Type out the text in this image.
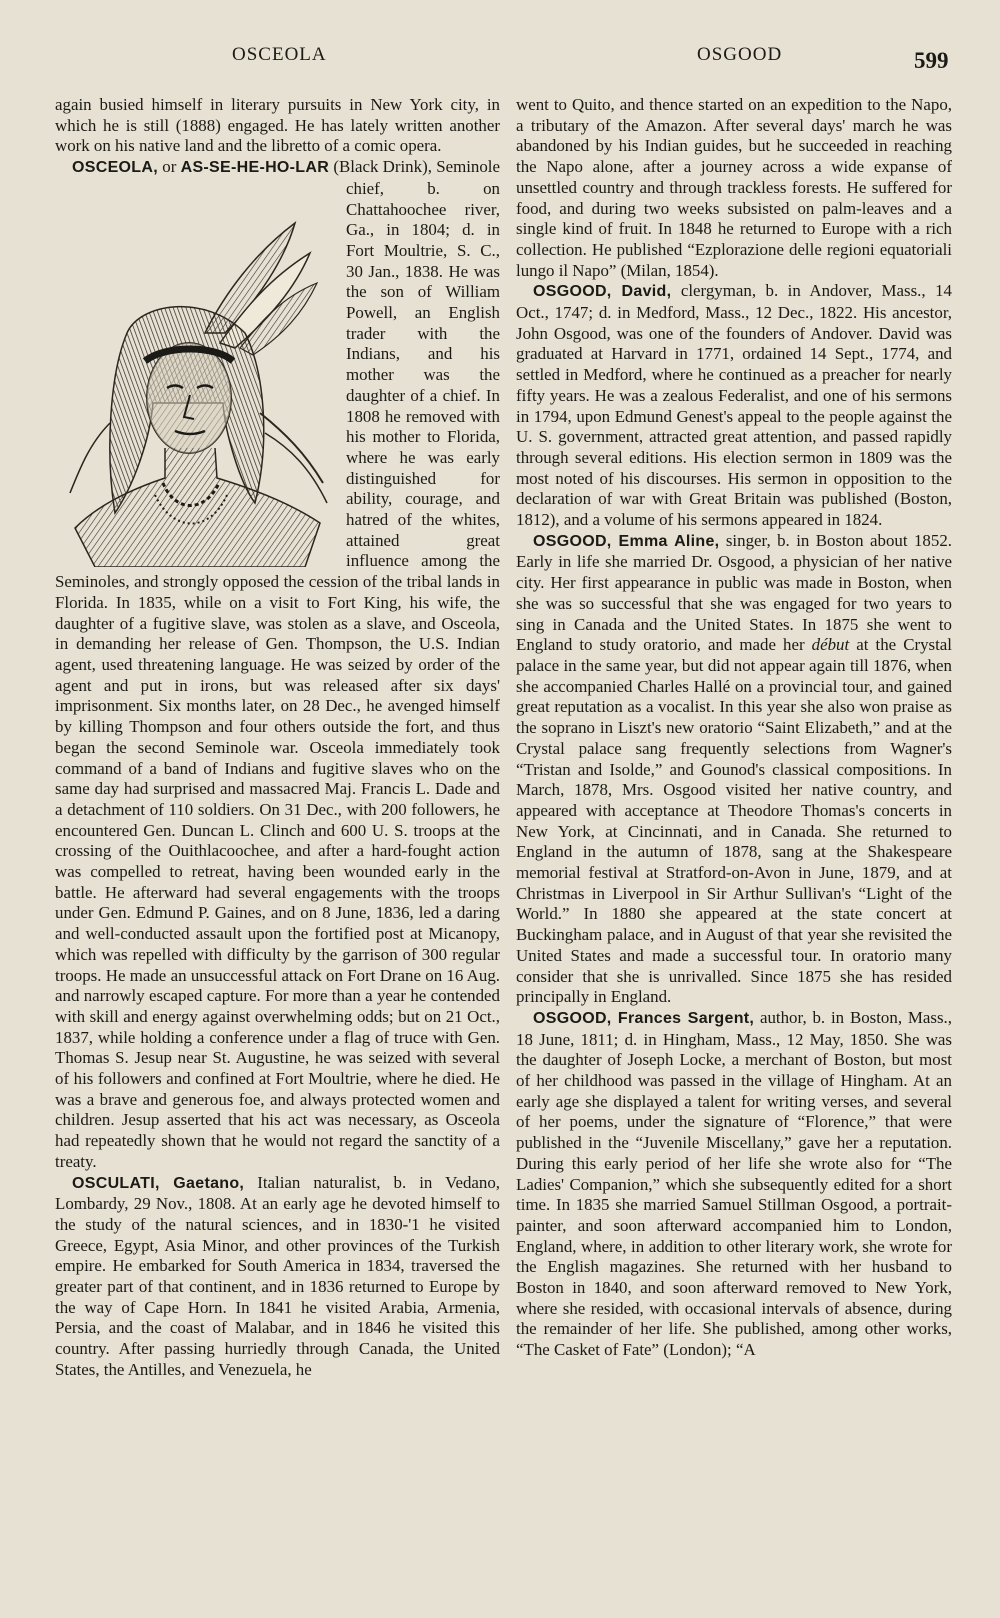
OSCEOLA	OSGOOD	599

again busied himself in literary pursuits in New York city, in which he is still (1888) engaged. He has lately written another work on his native land and the libretto of a comic opera.

OSCEOLA, or AS-SE-HE-HO-LAR
(Black Drink), Seminole chief, b. on Chattahoochee river, Ga., in 1804; d. in Fort Moultrie, S. C., 30 Jan., 1838. He was the son of William Powell, an English trader with the Indians, and his mother was the daughter of a chief. In 1808 he removed with his mother to Florida, where he was early distinguished for ability, courage, and hatred of the whites, attained great influence among the Seminoles, and strongly opposed the cession of the tribal lands in Florida. In 1835, while on a visit to Fort King, his wife, the daughter of a fugitive slave, was stolen as a slave, and Osceola, in demanding her release of Gen. Thompson, the U.S. Indian agent, used threatening language. He was seized by order of the agent and put in irons, but was released after six days' imprisonment. Six months later, on 28 Dec., he avenged himself by killing Thompson and four others outside the fort, and thus began the second Seminole war. Osceola immediately took command of a band of Indians and fugitive slaves who on the same day had surprised and massacred Maj. Francis L. Dade and a detachment of 110 soldiers. On 31 Dec., with 200 followers, he encountered Gen. Duncan L. Clinch and 600 U. S. troops at the crossing of the Ouithlacoochee, and after a hard-fought action was compelled to retreat, having been wounded early in the battle. He afterward had several engagements with the troops under Gen. Edmund P. Gaines, and on 8 June, 1836, led a daring and well-conducted assault upon the fortified post at Micanopy, which was repelled with difficulty by the garrison of 300 regular troops. He made an unsuccessful attack on Fort Drane on 16 Aug. and narrowly escaped capture. For more than a year he contended with skill and energy against overwhelming odds; but on 21 Oct., 1837, while holding a conference under a flag of truce with Gen. Thomas S. Jesup near St. Augustine, he was seized with several of his followers and confined at Fort Moultrie, where he died. He was a brave and generous foe, and always protected women and children. Jesup asserted that his act was necessary, as Osceola had repeatedly shown that he would not regard the sanctity of a treaty.

OSCULATI, Gaetano, Italian naturalist, b. in Vedano, Lombardy, 29 Nov., 1808. At an early age he devoted himself to the study of the natural sciences, and in 1830-'1 he visited Greece, Egypt, Asia Minor, and other provinces of the Turkish empire. He embarked for South America in 1834, traversed the greater part of that continent, and in 1836 returned to Europe by the way of Cape Horn. In 1841 he visited Arabia, Armenia, Persia, and the coast of Malabar, and in 1846 he visited this country. After passing hurriedly through Canada, the United States, the Antilles, and Venezuela, he

went to Quito, and thence started on an expedition to the Napo, a tributary of the Amazon. After several days' march he was abandoned by his Indian guides, but he succeeded in reaching the Napo alone, after a journey across a wide expanse of unsettled country and through trackless forests. He suffered for food, and during two weeks subsisted on palm-leaves and a single kind of fruit. In 1848 he returned to Europe with a rich collection. He published “Ezplorazione delle regioni equatoriali lungo il Napo” (Milan, 1854).

OSGOOD, David, clergyman, b. in Andover, Mass., 14 Oct., 1747; d. in Medford, Mass., 12 Dec., 1822. His ancestor, John Osgood, was one of the founders of Andover. David was graduated at Harvard in 1771, ordained 14 Sept., 1774, and settled in Medford, where he continued as a preacher for nearly fifty years. He was a zealous Federalist, and one of his sermons in 1794, upon Edmund Genest's appeal to the people against the U. S. government, attracted great attention, and passed rapidly through several editions. His election sermon in 1809 was the most noted of his discourses. His sermon in opposition to the declaration of war with Great Britain was published (Boston, 1812), and a volume of his sermons appeared in 1824.

OSGOOD, Emma Aline, singer, b. in Boston about 1852. Early in life she married Dr. Osgood, a physician of her native city. Her first appearance in public was made in Boston, when she was so successful that she was engaged for two years to sing in Canada and the United States. In 1875 she went to England to study oratorio, and made her début at the Crystal palace in the same year, but did not appear again till 1876, when she accompanied Charles Hallé on a provincial tour, and gained great reputation as a vocalist. In this year she also won praise as the soprano in Liszt's new oratorio “Saint Elizabeth,” and at the Crystal palace sang frequently selections from Wagner's “Tristan and Isolde,” and Gounod's classical compositions. In March, 1878, Mrs. Osgood visited her native country, and appeared with acceptance at Theodore Thomas's concerts in New York, at Cincinnati, and in Canada. She returned to England in the autumn of 1878, sang at the Shakespeare memorial festival at Stratford-on-Avon in June, 1879, and at Christmas in Liverpool in Sir Arthur Sullivan's “Light of the World.” In 1880 she appeared at the state concert at Buckingham palace, and in August of that year she revisited the United States and made a successful tour. In oratorio many consider that she is unrivalled. Since 1875 she has resided principally in England.

OSGOOD, Frances Sargent, author, b. in Boston, Mass., 18 June, 1811; d. in Hingham, Mass., 12 May, 1850. She was the daughter of Joseph Locke, a merchant of Boston, but most of her childhood was passed in the village of Hingham. At an early age she displayed a talent for writing verses, and several of her poems, under the signature of “Florence,” that were published in the “Juvenile Miscellany,” gave her a reputation. During this early period of her life she wrote also for “The Ladies' Companion,” which she subsequently edited for a short time. In 1835 she married Samuel Stillman Osgood, a portrait-painter, and soon afterward accompanied him to London, England, where, in addition to other literary work, she wrote for the English magazines. She returned with her husband to Boston in 1840, and soon afterward removed to New York, where she resided, with occasional intervals of absence, during the remainder of her life. She published, among other works, “The Casket of Fate” (London); “A
